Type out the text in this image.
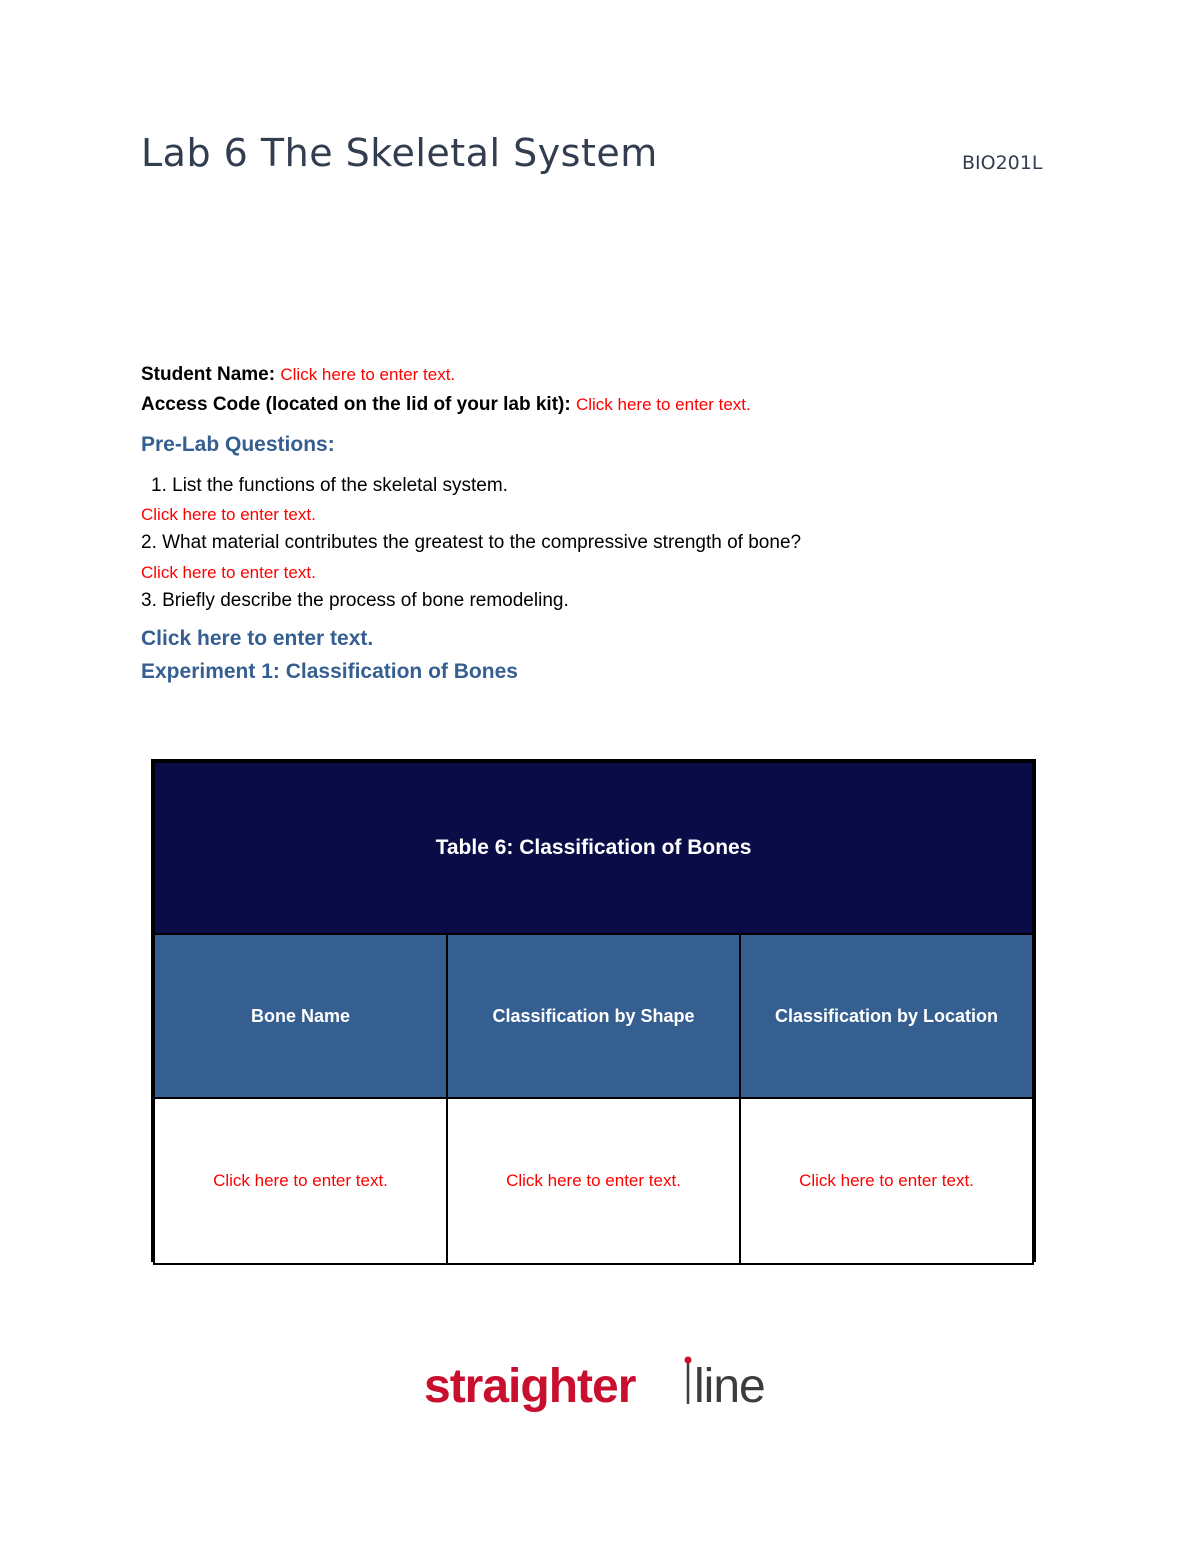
Lab 6 The Skeletal System	BIO201L
Student Name: Click here to enter text.
Access Code (located on the lid of your lab kit): Click here to enter text.
Pre-Lab Questions:
1. List the functions of the skeletal system.
Click here to enter text.
2. What material contributes the greatest to the compressive strength of bone?
Click here to enter text.
3. Briefly describe the process of bone remodeling.
Click here to enter text.
Experiment 1: Classification of Bones
Table 6: Classification of Bones		
Bone Name	Classification by Shape	Classification by Location
Click here to enter text.	Click here to enter text.	Click here to enter text.
straighter line
